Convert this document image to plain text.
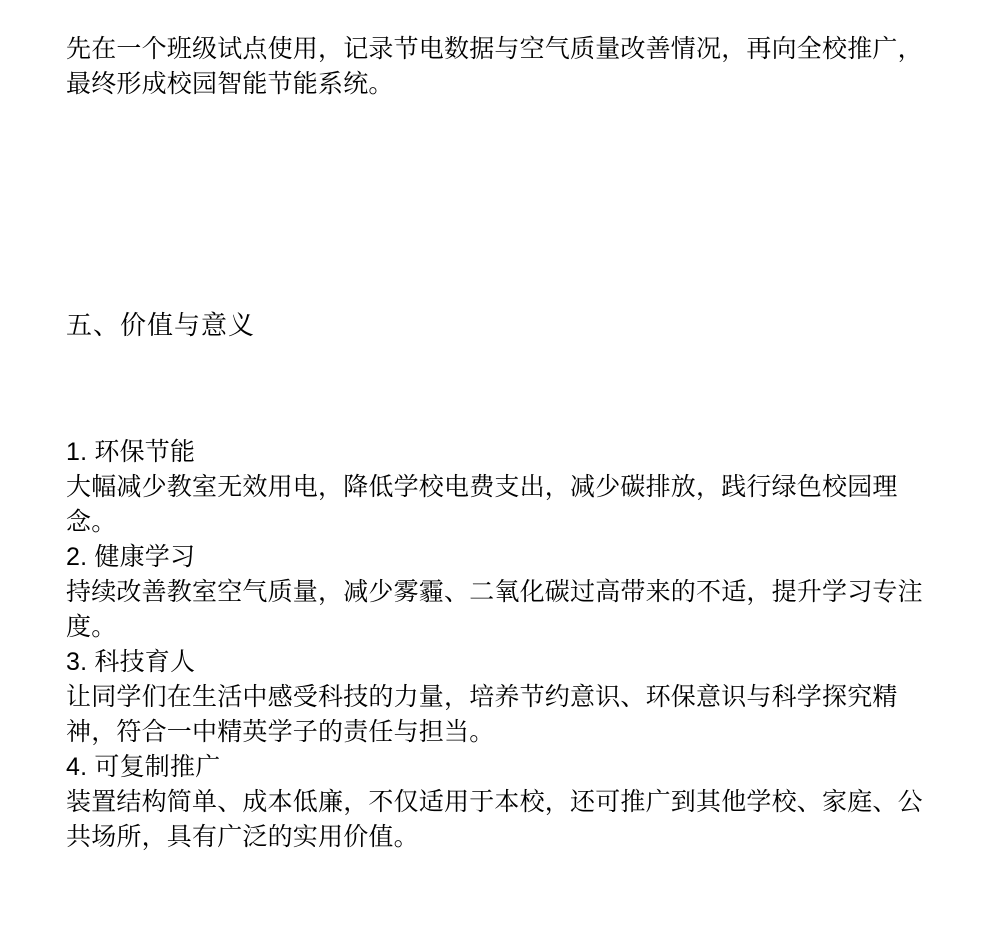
先在一个班级试点使用，记录节电数据与空气质量改善情况，再向全校推广，最终形成校园智能节能系统。
五、价值与意义
1. 环保节能
大幅减少教室无效用电，降低学校电费支出，减少碳排放，践行绿色校园理念。
2. 健康学习
持续改善教室空气质量，减少雾霾、二氧化碳过高带来的不适，提升学习专注度。
3. 科技育人
让同学们在生活中感受科技的力量，培养节约意识、环保意识与科学探究精神，符合一中精英学子的责任与担当。
4. 可复制推广
装置结构简单、成本低廉，不仅适用于本校，还可推广到其他学校、家庭、公共场所，具有广泛的实用价值。
